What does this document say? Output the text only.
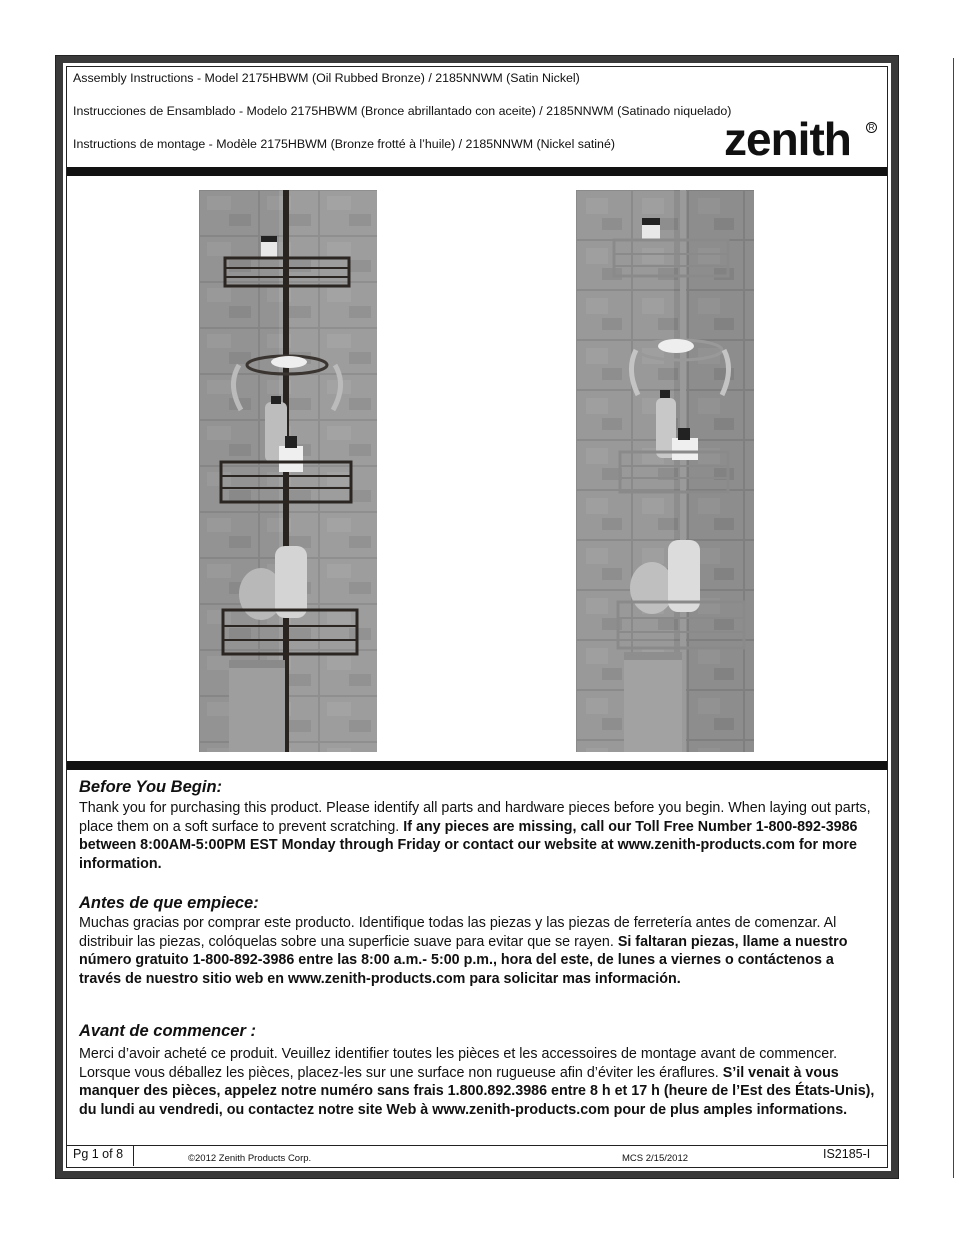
Assembly Instructions - Model 2175HBWM (Oil Rubbed Bronze) / 2185NNWM (Satin Nickel)
Instrucciones de Ensamblado - Modelo 2175HBWM (Bronce abrillantado con aceite) / 2185NNWM (Satinado niquelado)
Instructions de montage - Modèle 2175HBWM (Bronze frotté à l’huile) / 2185NNWM (Nickel satiné) zenith	R
Before You Begin:
Thank you for purchasing this product. Please identify all parts and hardware pieces before you begin. When laying out parts, place them on a soft surface to prevent scratching. If any pieces are missing, call our Toll Free Number 1-800-892-3986 between 8:00AM-5:00PM EST Monday through Friday or contact our website at www.zenith-products.com for more information.
Antes de que empiece:
Muchas gracias por comprar este producto. Identifique todas las piezas y las piezas de ferretería antes de comenzar. Al distribuir las piezas, colóquelas sobre una superficie suave para evitar que se rayen. Si faltaran piezas, llame a nuestro número gratuito 1-800-892-3986 entre las 8:00 a.m.- 5:00 p.m., hora del este, de lunes a viernes o contáctenos a través de nuestro sitio web en www.zenith-products.com para solicitar mas información.
Avant de commencer :
Merci d’avoir acheté ce produit. Veuillez identifier toutes les pièces et les accessoires de montage avant de commencer. Lorsque vous déballez les pièces, placez-les sur une surface non rugueuse afin d’éviter les éraflures. S’il venait à vous manquer des pièces, appelez notre numéro sans frais 1.800.892.3986 entre 8 h et 17 h (heure de l’Est des États-Unis), du lundi au vendredi, ou contactez notre site Web à www.zenith-products.com pour de plus amples informations.
Pg 1 of 8	©2012 Zenith Products Corp.	MCS 2/15/2012	IS2185-I
